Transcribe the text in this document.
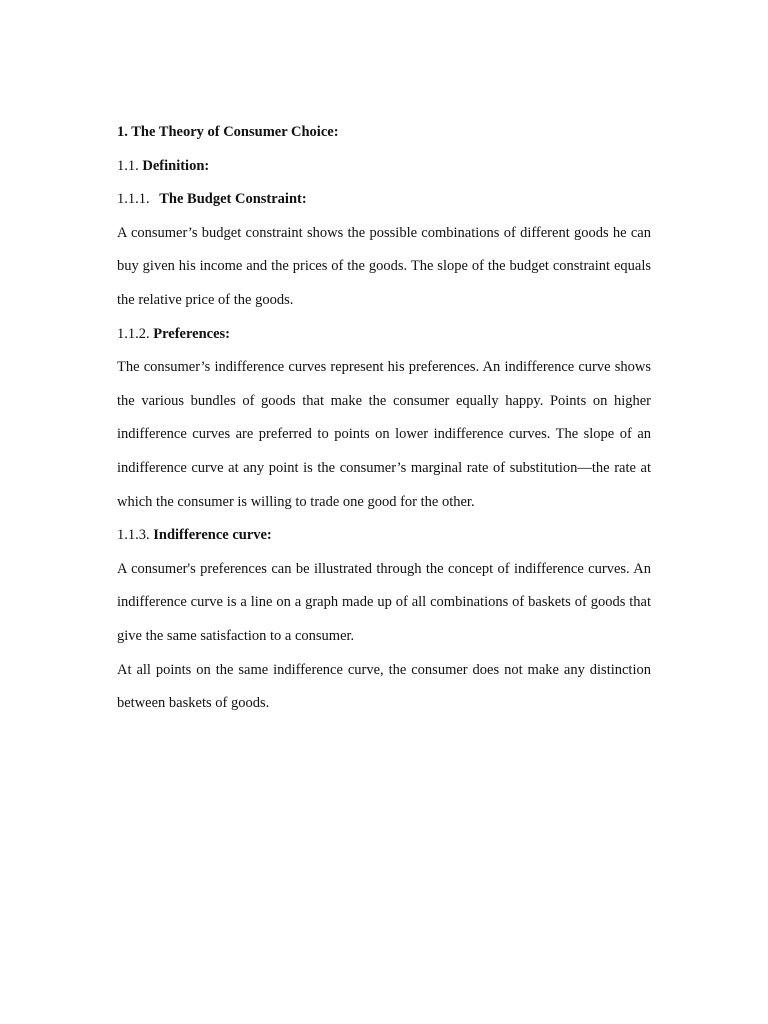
1. The Theory of Consumer Choice:
1.1. Definition:
1.1.1. The Budget Constraint:

A consumer’s budget constraint shows the possible combinations of different goods he can buy given his income and the prices of the goods. The slope of the budget constraint equals the relative price of the goods.

1.1.2. Preferences:

The consumer’s indifference curves represent his preferences. An indifference curve shows the various bundles of goods that make the consumer equally happy. Points on higher indifference curves are preferred to points on lower indifference curves. The slope of an indifference curve at any point is the consumer’s marginal rate of substitution—the rate at which the consumer is willing to trade one good for the other.

1.1.3. Indifference curve:

A consumer's preferences can be illustrated through the concept of indifference curves. An indifference curve is a line on a graph made up of all combinations of baskets of goods that give the same satisfaction to a consumer.

At all points on the same indifference curve, the consumer does not make any distinction between baskets of goods.
